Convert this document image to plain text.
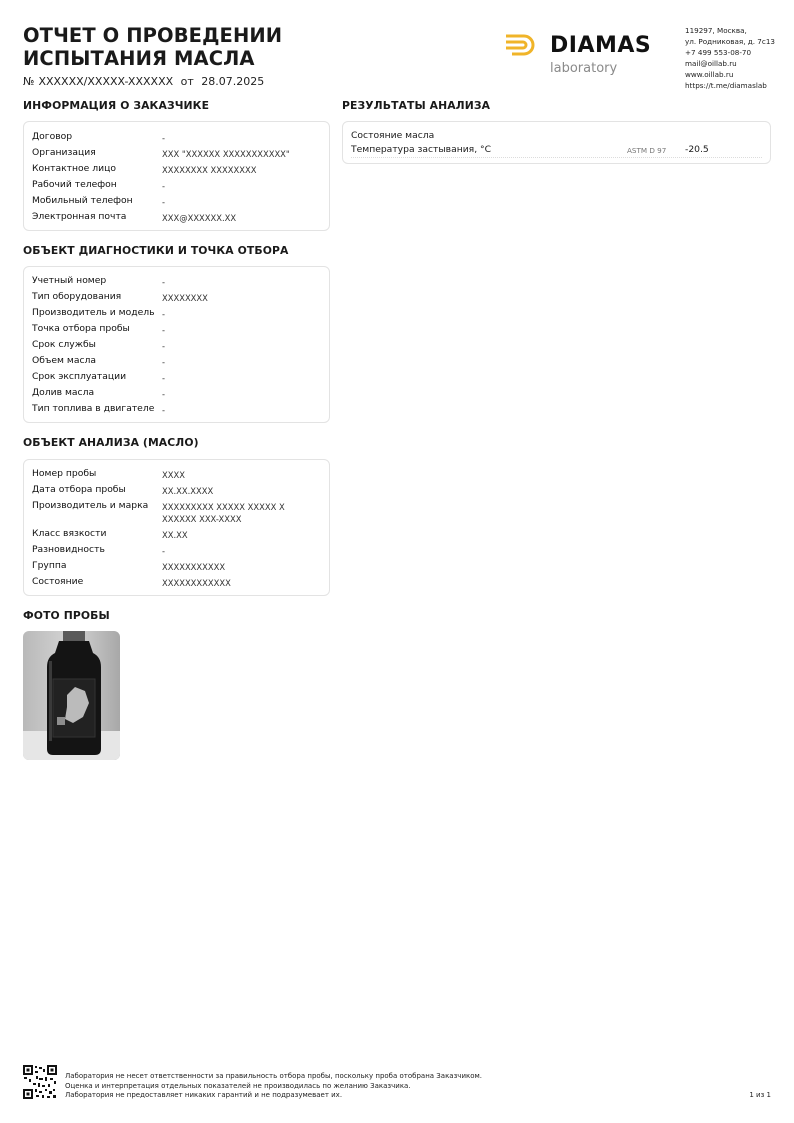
ОТЧЕТ О ПРОВЕДЕНИИ
ИСПЫТАНИЯ МАСЛА
№ XXXXXX/XXXXX-XXXXXX от 28.07.2025
DIAMAS
laboratory
119297, Москва,
ул. Родниковая, д. 7с13
+7 499 553-08-70
mail@oillab.ru
www.oillab.ru
https://t.me/diamaslab
ИНФОРМАЦИЯ О ЗАКАЗЧИКЕ
Договор	-
Организация	XXX "XXXXXX XXXXXXXXXXX"
Контактное лицо	XXXXXXXX XXXXXXXX
Рабочий телефон	-
Мобильный телефон	-
Электронная почта	XXX@XXXXXX.XX
ОБЪЕКТ ДИАГНОСТИКИ И ТОЧКА ОТБОРА
Учетный номер	-
Тип оборудования	XXXXXXXX
Производитель и модель -
Точка отбора пробы	-
Срок службы	-
Объем масла	-
Срок эксплуатации	-
Долив масла	-
Тип топлива в двигателе -
ОБЪЕКТ АНАЛИЗА (МАСЛО)
Номер пробы	XXXX
Дата отбора пробы	XX.XX.XXXX
Производитель и марка	XXXXXXXXX XXXXX XXXXX X
XXXXXX XXX-XXXX
Класс вязкости	XX.XX
Разновидность	-
Группа	XXXXXXXXXXX
Состояние	XXXXXXXXXXXX
РЕЗУЛЬТАТЫ АНАЛИЗА
Состояние масла
Температура застывания, °С	ASTM D 97 -20.5
ФОТО ПРОБЫ
Лаборатория не несет ответственности за правильность отбора пробы, поскольку проба отобрана Заказчиком.
Оценка и интерпретация отдельных показателей не производилась по желанию Заказчика.
Лаборатория не предоставляет никаких гарантий и не подразумевает их.	1 из 1
